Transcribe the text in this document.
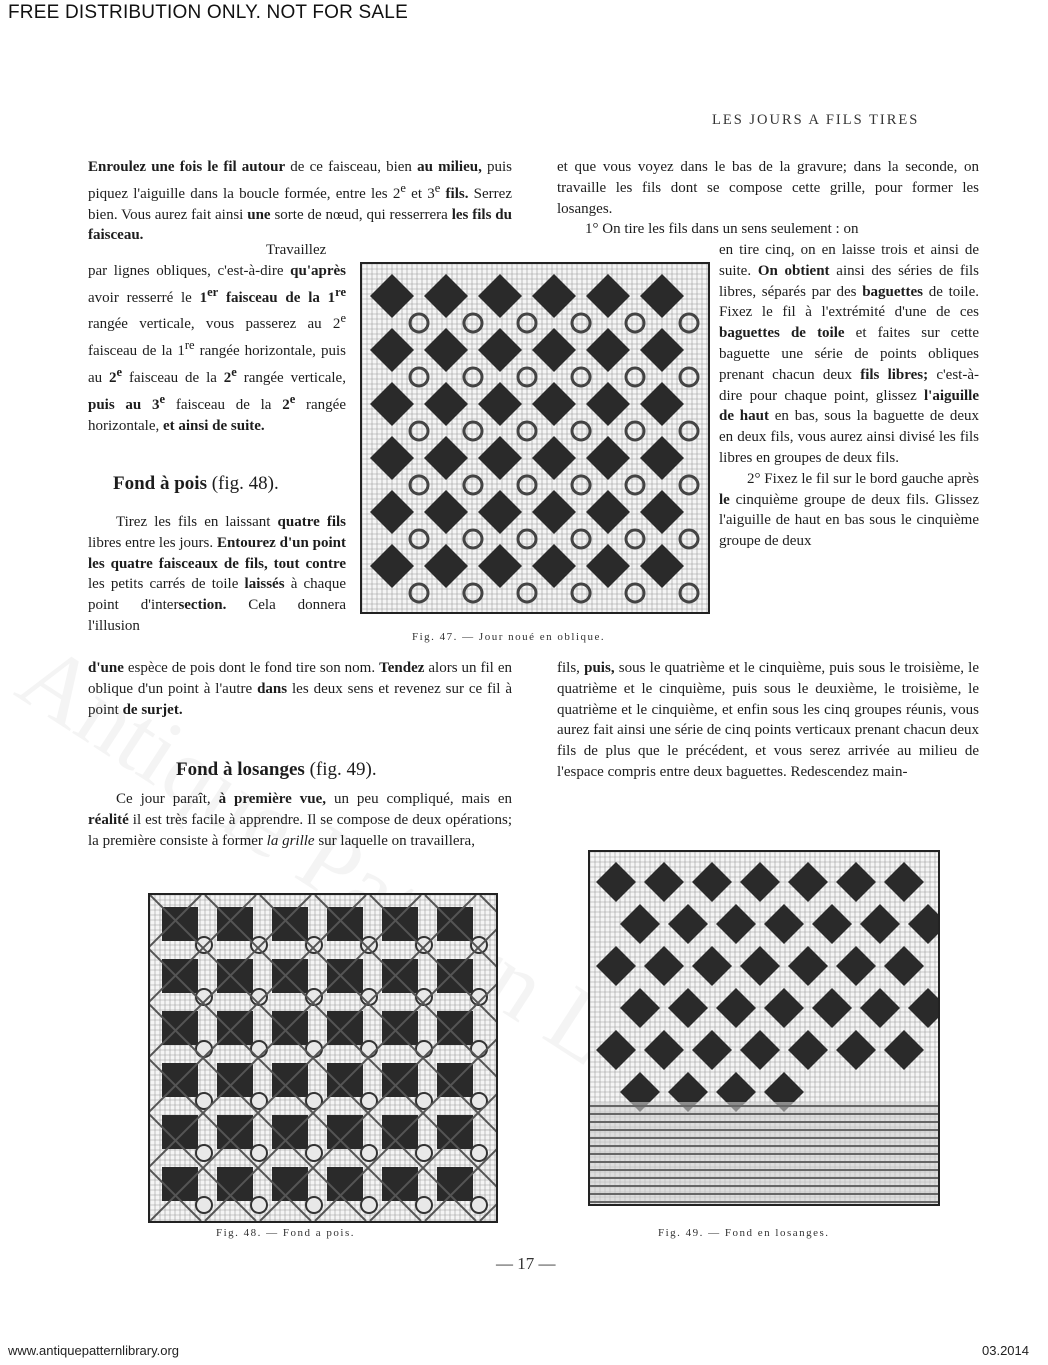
FREE DISTRIBUTION ONLY. NOT FOR SALE
LES JOURS A FILS TIRES

Enroulez une fois le fil autour de ce faisceau, bien au milieu, puis piquez l'aiguille dans la boucle formée, entre les 2e et 3e fils. Serrez bien. Vous aurez fait ainsi une sorte de nœud, qui resserrera les fils du faisceau.

Travaillez par lignes obliques, c'est-à-dire qu'après avoir resserré le 1er faisceau de la 1re rangée verticale, vous passerez au 2e faisceau de la 1re rangée horizontale, puis au 2e faisceau de la 2e rangée verticale, puis au 3e faisceau de la 2e rangée horizontale, et ainsi de suite.

Fig. 47. — Jour noué en oblique.
Fond à pois (fig. 48).

Tirez les fils en laissant quatre fils libres entre les jours. Entourez d'un point les quatre faisceaux de fils, tout contre les petits carrés de toile laissés à chaque point d'intersection. Cela donnera l'illusion

d'une espèce de pois dont le fond tire son nom. Tendez alors un fil en oblique d'un point à l'autre dans les deux sens et revenez sur ce fil à point de surjet.

Fond à losanges (fig. 49).

Ce jour paraît, à première vue, un peu compliqué, mais en réalité il est très facile à apprendre. Il se compose de deux opérations; la première consiste à former la grille sur laquelle on travaillera,

et que vous voyez dans le bas de la gravure; dans la seconde, on travaille les fils dont se compose cette grille, pour former les losanges.

1° On tire les fils dans un sens seulement : on

en tire cinq, on en laisse trois et ainsi de suite. On obtient ainsi des séries de fils libres, séparés par des baguettes de toile. Fixez le fil à l'extrémité d'une de ces baguettes de toile et faites sur cette baguette une série de points obliques prenant chacun deux fils libres; c'est-à-dire pour chaque point, glissez l'aiguille de haut en bas, sous la baguette de deux en deux fils, vous aurez ainsi divisé les fils libres en groupes de deux fils.

2° Fixez le fil sur le bord gauche après le cinquième groupe de deux fils. Glissez l'aiguille de haut en bas sous le cinquième groupe de deux

fils, puis, sous le quatrième et le cinquième, puis sous le troisième, le quatrième et le cinquième, puis sous le deuxième, le troisième, le quatrième et le cinquième, et enfin sous les cinq groupes réunis, vous aurez fait ainsi une série de cinq points verticaux prenant chacun deux fils de plus que le précédent, et vous serez arrivée au milieu de l'espace compris entre deux baguettes. Redescendez main-

Fig. 48. — Fond a pois.	Fig. 49. — Fond en losanges.
— 17 —
www.antiquepatternlibrary.org	03.2014
